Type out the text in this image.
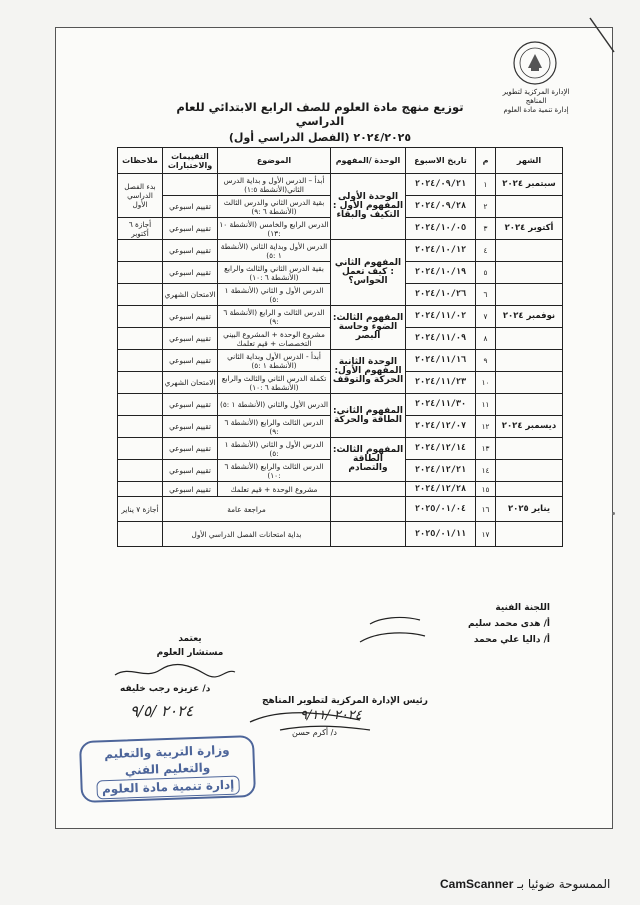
الإدارة المركزية لتطوير المناهج
إدارة تنمية مادة العلوم
توزيع منهج مادة العلوم للصف الرابع الابتدائي للعام الدراسي
٢٠٢٤/٢٠٢٥ (الفصل الدراسي أول)
الشهر	م	تاريخ الاسبوع	الوحدة /المفهوم	الموضوع	التقييمات والاختبارات	ملاحظات
سبتمبر ٢٠٢٤	١	٢٠٢٤/٠٩/٢١	الوحدة الأولى المفهوم الأول : التكيف والبقاء	أبدأ – الدرس الأول و بداية الدرس الثاني(الأنشطة ١:٥)		بدء الفصل الدراسي الأول
	٢	٢٠٢٤/٠٩/٢٨		بقية الدرس الثاني والدرس الثالث (الأنشطة ٦ :٩)	تقييم اسبوعي	
أكتوبر ٢٠٢٤	٣	٢٠٢٤/١٠/٠٥		الدرس الرابع والخامس (الأنشطة ١٠ :١٣)	تقييم اسبوعي	أجازة ٦ أكتوبر
	٤	٢٠٢٤/١٠/١٢	المفهوم الثاني : كيف تعمل الحواس؟	الدرس الأول وبداية الثاني (الأنشطة ١ :٥)	تقييم اسبوعي	
	٥	٢٠٢٤/١٠/١٩		بقية الدرس الثاني والثالث والرابع (الأنشطة ٦ :١٠)	تقييم اسبوعي	
	٦	٢٠٢٤/١٠/٢٦		الدرس الأول و الثاني (الأنشطة ١ :٥)	الامتحان الشهري	
نوفمبر ٢٠٢٤	٧	٢٠٢٤/١١/٠٢	المفهوم الثالث: الضوء وحاسة البصر	الدرس الثالث و الرابع (الأنشطة ٦ :٩)	تقييم اسبوعي	
	٨	٢٠٢٤/١١/٠٩		مشروع الوحدة + المشروع البيني التخصصات + قيم تعلمك	تقييم اسبوعي	
	٩	٢٠٢٤/١١/١٦	الوحدة الثانية المفهوم الأول: الحركة والتوقف	أبدأ - الدرس الأول وبداية الثاني (الأنشطة ١ :٥)	تقييم اسبوعي	
	١٠	٢٠٢٤/١١/٢٣		تكملة الدرس الثاني والثالث والرابع (الأنشطة ٦ :١٠)	الامتحان الشهري	
	١١	٢٠٢٤/١١/٣٠	المفهوم الثاني: الطاقة والحركة	الدرس الأول والثاني (الأنشطة ١ :٥)	تقييم اسبوعي	
ديسمبر ٢٠٢٤	١٢	٢٠٢٤/١٢/٠٧		الدرس الثالث والرابع (الأنشطة ٦ :٩)	تقييم اسبوعي	
	١٣	٢٠٢٤/١٢/١٤	المفهوم الثالث: الطاقة والتصادم	الدرس الأول و الثاني (الأنشطة ١ :٥)	تقييم اسبوعي	
	١٤	٢٠٢٤/١٢/٢١		الدرس الثالث والرابع (الأنشطة ٦ :١٠)	تقييم اسبوعي	
	١٥	٢٠٢٤/١٢/٢٨		مشروع الوحدة + قيم تعلمك	تقييم اسبوعي	
يناير ٢٠٢٥	١٦	٢٠٢٥/٠١/٠٤		مراجعة عامة		أجازة ٧ يناير
	١٧	٢٠٢٥/٠١/١١		بداية امتحانات الفصل الدراسي الأول		
اللجنة الفنية
أ/ هدى محمد سليم
أ/ داليا علي محمد
يعتمد
مستشار العلوم
د/ عزيزه رجب خليفه
٢٠٢٤ /٩/٥
رئيس الإدارة المركزية لتطوير المناهج
٢٠٢٤ /٩/١١
د/ أكرم حسن
وزارة التربية والتعليم
والتعليم الفني
إدارة تنمية مادة العلوم
الممسوحة ضوئيا بـ CamScanner
